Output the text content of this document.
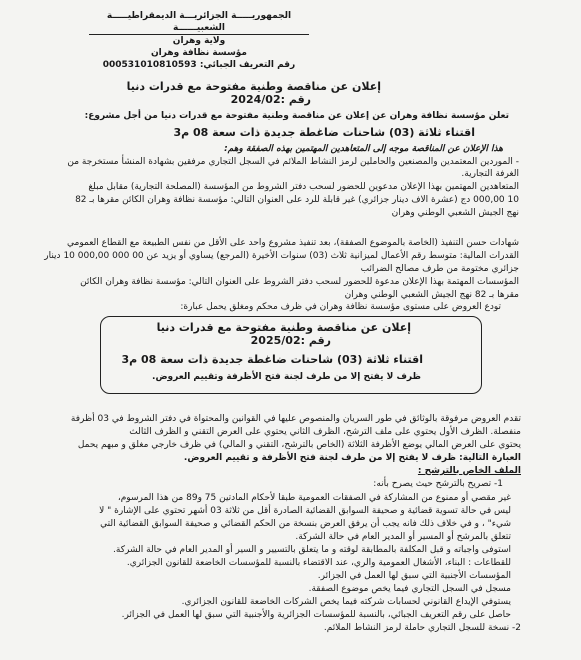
الجمهوريـــــة الجزائريـــة الديمقراطيـــــة الشعبيــــــة
ولاية وهران
مؤسسة نظافة وهران
رقم التعريف الجبائي: 000531010810593
إعلان عن مناقصة وطنية مفتوحة مع قدرات دنيا
رقم :2024/02
تعلن مؤسسة نظافة وهران عن إعلان عن مناقصة وطنية مفتوحة مع قدرات دنيا من أجل مشروع:
اقتناء ثلاثة (03) شاحنات ضاغطة جديدة ذات سعة 08 م3
هذا الإعلان عن المناقصة موجه إلى المتعاهدين المهتمين بهذه الصفقة وهم:
- الموردين المعتمدين والمصنعين والحاملين لرمز النشاط الملائم في السجل التجاري مرفقين بشهادة المنشأ مستخرجة من
الغرفة التجارية.
المتعاهدين المهتمين بهذا الإعلان مدعوين للحضور لسحب دفتر الشروط من المؤسسة (المصلحة التجارية) مقابل مبلغ
10 000,00 دج (عشرة الاف دينار جزائري) غير قابلة للرد على العنوان التالي: مؤسسة نظافة وهران الكائن مقرها بـ 82
نهج الجيش الشعبي الوطني وهران
شهادات حسن التنفيذ (الخاصة بالموضوع الصفقة)، بعد تنفيذ مشروع واحد على الأقل من نفس الطبيعة مع القطاع العمومي
القدرات المالية: متوسط رقم الأعمال لميزانية ثلاث (03) سنوات الأخيرة (المرجع) يساوي أو يزيد عن 00 000 000,00 10 دينار
جزائري مختومة من طرف مصالح الضرائب
المؤسسات المهتمة بهذا الإعلان مدعوة للحضور لسحب دفتر الشروط على العنوان التالي: مؤسسة نظافة وهران الكائن
مقرها بـ 82 نهج الجيش الشعبي الوطني وهران
تودع العروض على مستوى مؤسسة نظافة وهران في ظرف محكم ومغلق يحمل عبارة:
إعلان عن مناقصة وطنية مفتوحة مع قدرات دنيا
رقم :2025/02
اقتناء ثلاثة (03) شاحنات ضاغطة جديدة ذات سعة 08 م3
ظرف لا يفتح إلا من طرف لجنة فتح الأظرفة وتقييم العروض.
تقدم العروض مرفوقة بالوثائق في طور السريان والمنصوص عليها في القوانين والمحتواة في دفتر الشروط في 03 أظرفة
منفصلة. الظرف الأول يحتوي على ملف الترشح، الظرف الثاني يحتوي على العرض التقني و الظرف الثالث
يحتوي على العرض المالي يوضع الأظرفة الثلاثة (الخاص بالترشح، التقني و المالي) في ظرف خارجي مغلق و مبهم يحمل
العبارة التالية: ظرف لا يفتح إلا من طرف لجنة فتح الأظرفة و تقييم العروض.
الملف الخاص بالترشح :
1- تصريح بالترشح حيث يصرح بأنه:
غير مقصي أو ممنوع من المشاركة في الصفقات العمومية طبقا لأحكام المادتين 75 و89 من هذا المرسوم،
ليس في حالة تسوية قضائية و صحيفة السوابق القضائية الصادرة أقل من ثلاثة 03 أشهر تحتوي على الإشارة " لا
شيء" ، و في خلاف ذلك فانه يجب أن يرفق العرض بنسخة من الحكم القضائي و صحيفة السوابق القضائية التي
تتعلق بالمرشح أو المسير أو المدير العام في حالة الشركة.
استوفى واجباته و قبل المكلفة بالمطابقة لوقته و ما يتعلق بالتسيير و السير أو المدير العام في حالة الشركة.
للقطاعات : البناء، الأشغال العمومية والري، عند الاقتضاء بالنسبة للمؤسسات الخاضعة للقانون الجزائري.
المؤسسات الأجنبية التي سبق لها العمل في الجزائر.
مسجل في السجل التجاري فيما يخص موضوع الصفقة.
يستوفي الإيداع القانوني لحسابات شركته فيما يخص الشركات الخاضعة للقانون الجزائري.
حاصل على رقم التعريف الجبائي، بالنسبة للمؤسسات الجزائرية والأجنبية التي سبق لها العمل في الجزائر.
2- نسخة للسجل التجاري حاملة لرمز النشاط الملائم.
